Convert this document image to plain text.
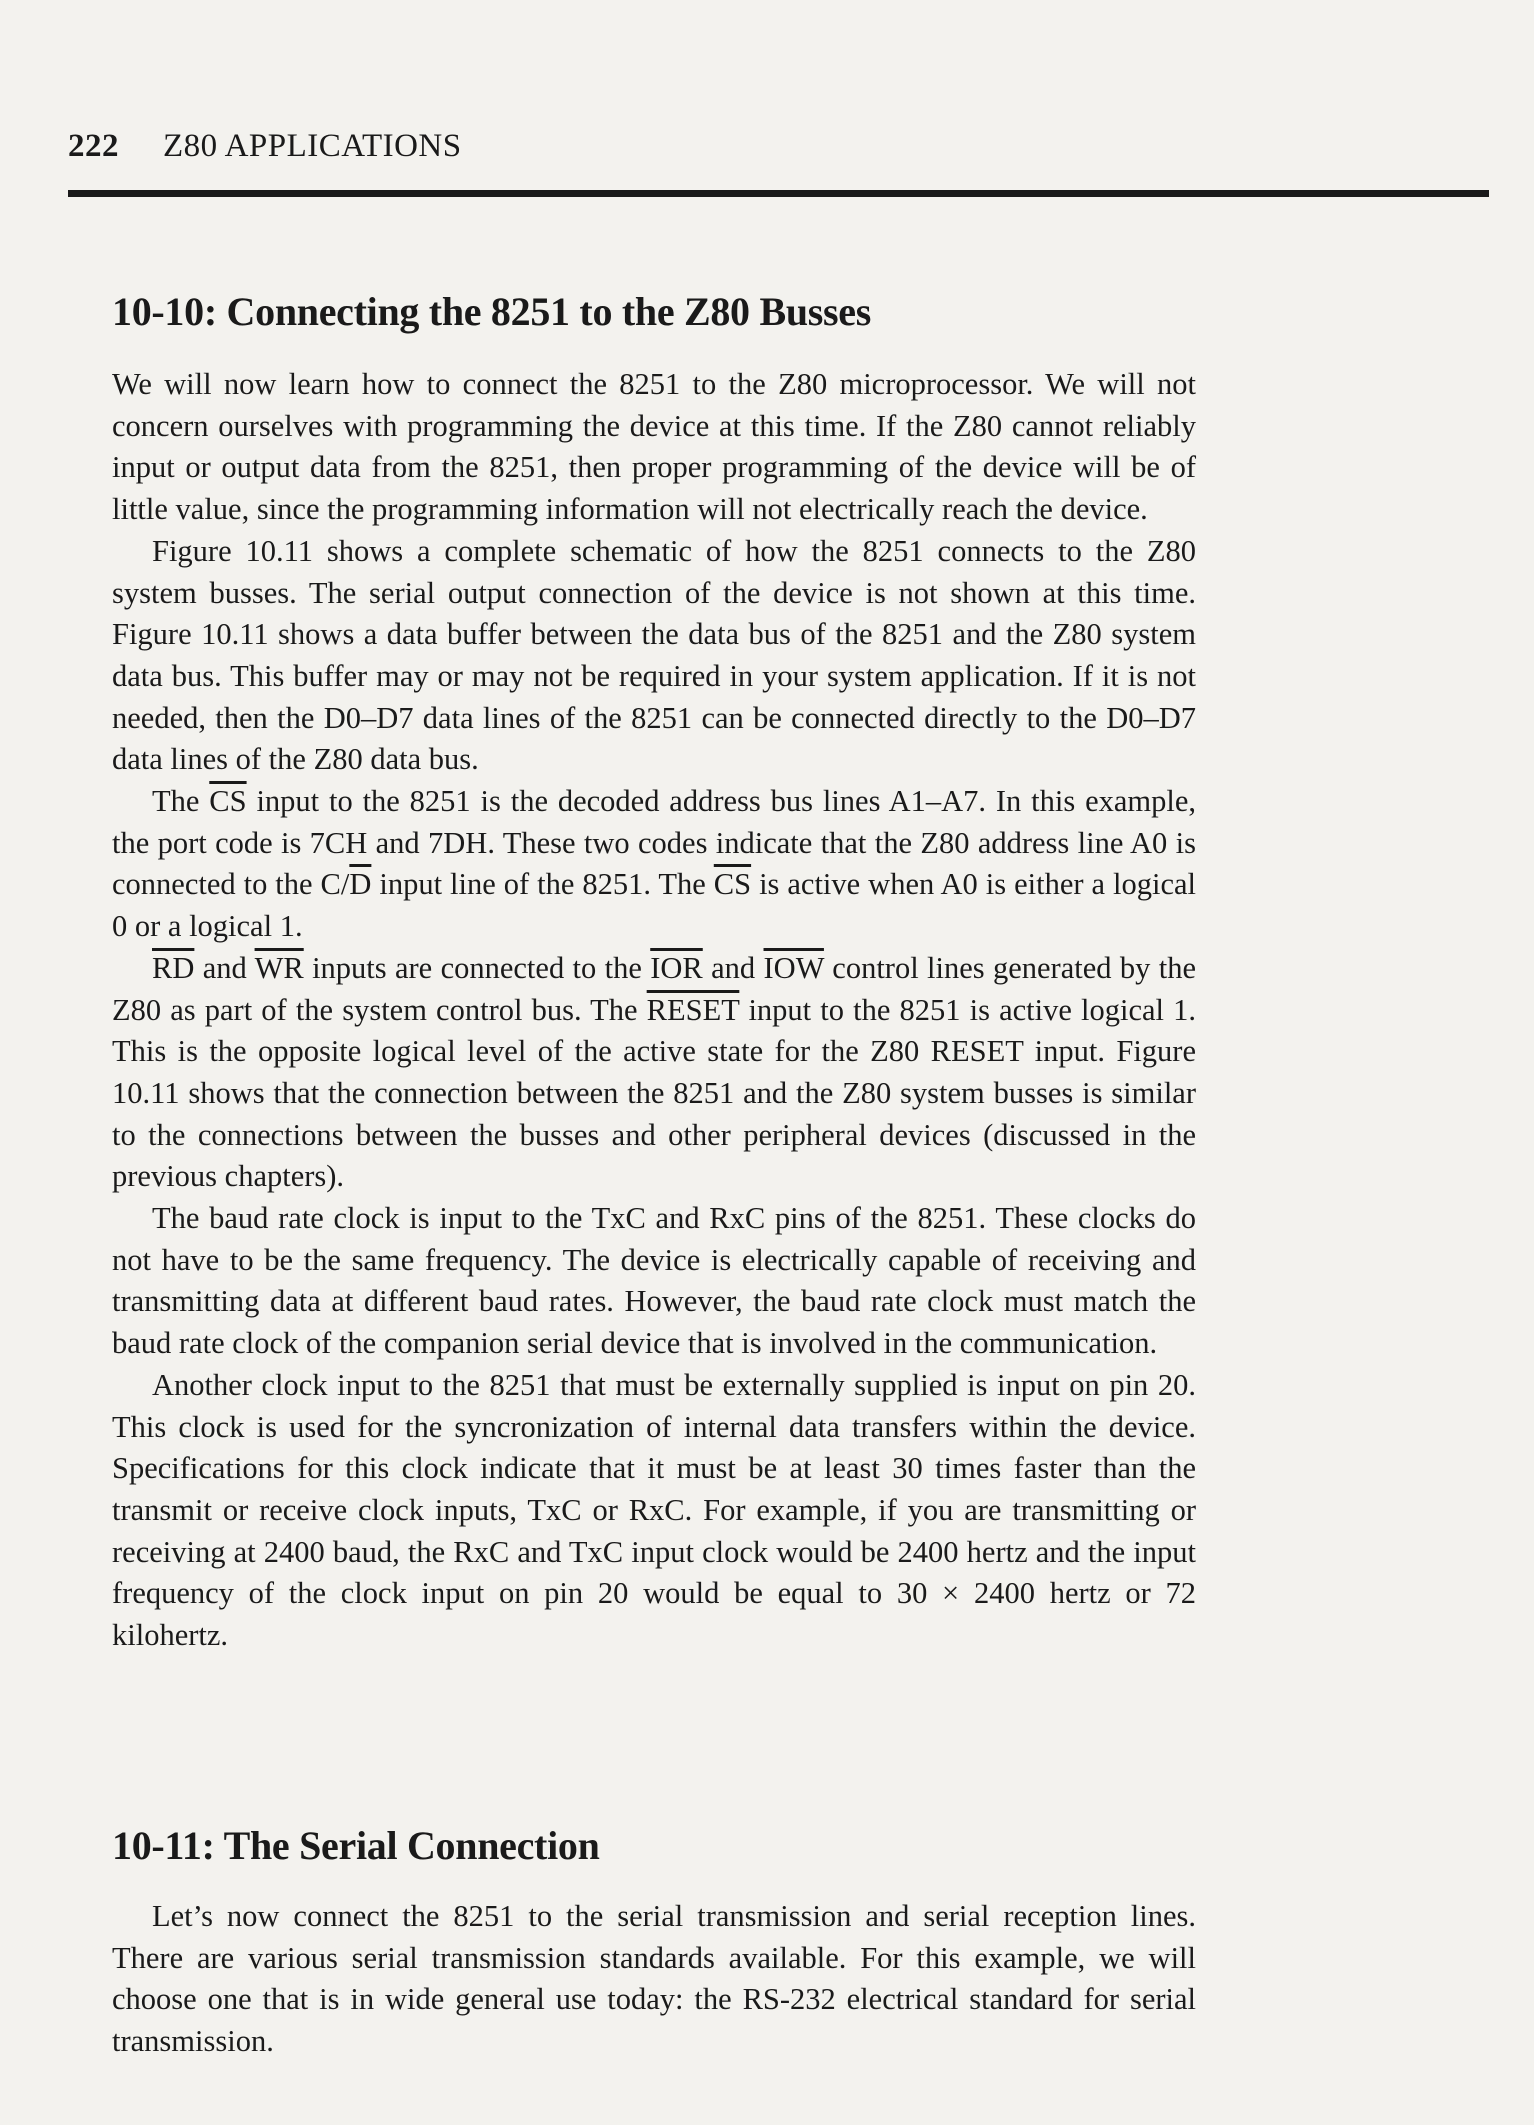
222 Z80 APPLICATIONS
10-10: Connecting the 8251 to the Z80 Busses

We will now learn how to connect the 8251 to the Z80 microprocessor. We will not concern ourselves with programming the device at this time. If the Z80 cannot reliably input or output data from the 8251, then proper programming of the device will be of little value, since the programming information will not electrically reach the device.

Figure 10.11 shows a complete schematic of how the 8251 connects to the Z80 system busses. The serial output connection of the device is not shown at this time. Figure 10.11 shows a data buffer between the data bus of the 8251 and the Z80 system data bus. This buffer may or may not be required in your system application. If it is not needed, then the D0–D7 data lines of the 8251 can be connected directly to the D0–D7 data lines of the Z80 data bus.

The $\overline{CS}$ input to the 8251 is the decoded address bus lines A1–A7. In this example, the port code is 7CH and 7DH. These two codes indicate that the Z80 address line A0 is connected to the $C/\overline{D}$ input line of the 8251. The $\overline{CS}$ is active when A0 is either a logical 0 or a logical 1.

$\overline{RD}$ and $\overline{WR}$ inputs are connected to the $\overline{IOR}$ and $\overline{IOW}$ control lines generated by the Z80 as part of the system control bus. The RESET input to the 8251 is active logical 1. This is the opposite logical level of the active state for the Z80 RESET input. Figure 10.11 shows that the connection between the 8251 and the Z80 system busses is similar to the connections between the busses and other peripheral devices (discussed in the previous chapters).

The baud rate clock is input to the TxC and RxC pins of the 8251. These clocks do not have to be the same frequency. The device is electrically capable of receiving and transmitting data at different baud rates. However, the baud rate clock must match the baud rate clock of the companion serial device that is involved in the communication.

Another clock input to the 8251 that must be externally supplied is input on pin 20. This clock is used for the syncronization of internal data transfers within the device. Specifications for this clock indicate that it must be at least 30 times faster than the transmit or receive clock inputs, TxC or RxC. For example, if you are transmitting or receiving at 2400 baud, the RxC and TxC input clock would be 2400 hertz and the input frequency of the clock input on pin 20 would be equal to 30 × 2400 hertz or 72 kilohertz.

10-11: The Serial Connection

Let’s now connect the 8251 to the serial transmission and serial reception lines. There are various serial transmission standards available. For this example, we will choose one that is in wide general use today: the RS-232 electrical standard for serial transmission.
